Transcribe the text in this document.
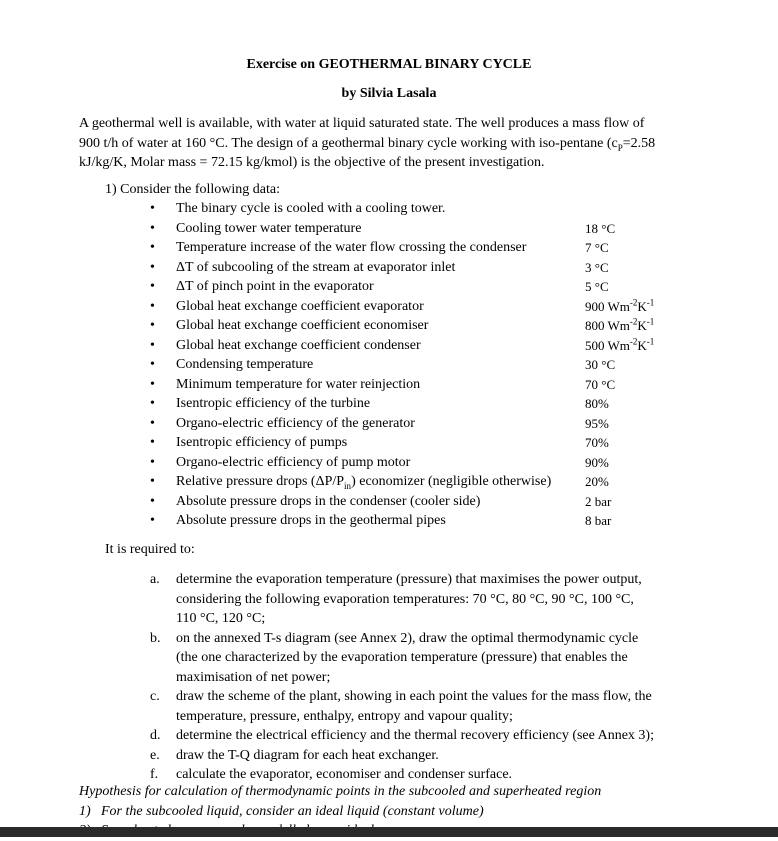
Exercise on GEOTHERMAL BINARY CYCLE
by Silvia Lasala

A geothermal well is available, with water at liquid saturated state. The well produces a mass flow of

900 t/h of water at 160 °C. The design of a geothermal binary cycle working with iso-pentane ($c_P=2.58$

kJ/kg/K, Molar mass = 72.15 kg/kmol) is the objective of the present investigation.

1) Consider the following data:
• The binary cycle is cooled with a cooling tower.
• Cooling tower water temperature	18 °C
• Temperature increase of the water flow crossing the condenser	7 °C
• ΔT of subcooling of the stream at evaporator inlet	3 °C
• ΔT of pinch point in the evaporator	5 °C
• Global heat exchange coefficient evaporator	900 $Wm^{-2}K^{-1}$
• Global heat exchange coefficient economiser	800 $Wm^{-2}K^{-1}$
• Global heat exchange coefficient condenser	500 $Wm^{-2}K^{-1}$
• Condensing temperature	30 °C
• Minimum temperature for water reinjection	70 °C
• Isentropic efficiency of the turbine	80%
• Organo-electric efficiency of the generator	95%
• Isentropic efficiency of pumps	70%
• Organo-electric efficiency of pump motor	90%
• Relative pressure drops $(\Delta P/P_{in})$ economizer (negligible otherwise)	20%
• Absolute pressure drops in the condenser (cooler side)	2 bar
• Absolute pressure drops in the geothermal pipes	8 bar
It is required to:
a. determine the evaporation temperature (pressure) that maximises the power output,
considering the following evaporation temperatures: 70 °C, 80 °C, 90 °C, 100 °C,
110 °C, 120 °C;
b. on the annexed T-s diagram (see Annex 2), draw the optimal thermodynamic cycle
(the one characterized by the evaporation temperature (pressure) that enables the
maximisation of net power;
c. draw the scheme of the plant, showing in each point the values for the mass flow, the
temperature, pressure, enthalpy, entropy and vapour quality;
d. determine the electrical efficiency and the thermal recovery efficiency (see Annex 3);
e. draw the T-Q diagram for each heat exchanger.
f. calculate the evaporator, economiser and condenser surface.
Hypothesis for calculation of thermodynamic points in the subcooled and superheated region
1) For the subcooled liquid, consider an ideal liquid (constant volume)
